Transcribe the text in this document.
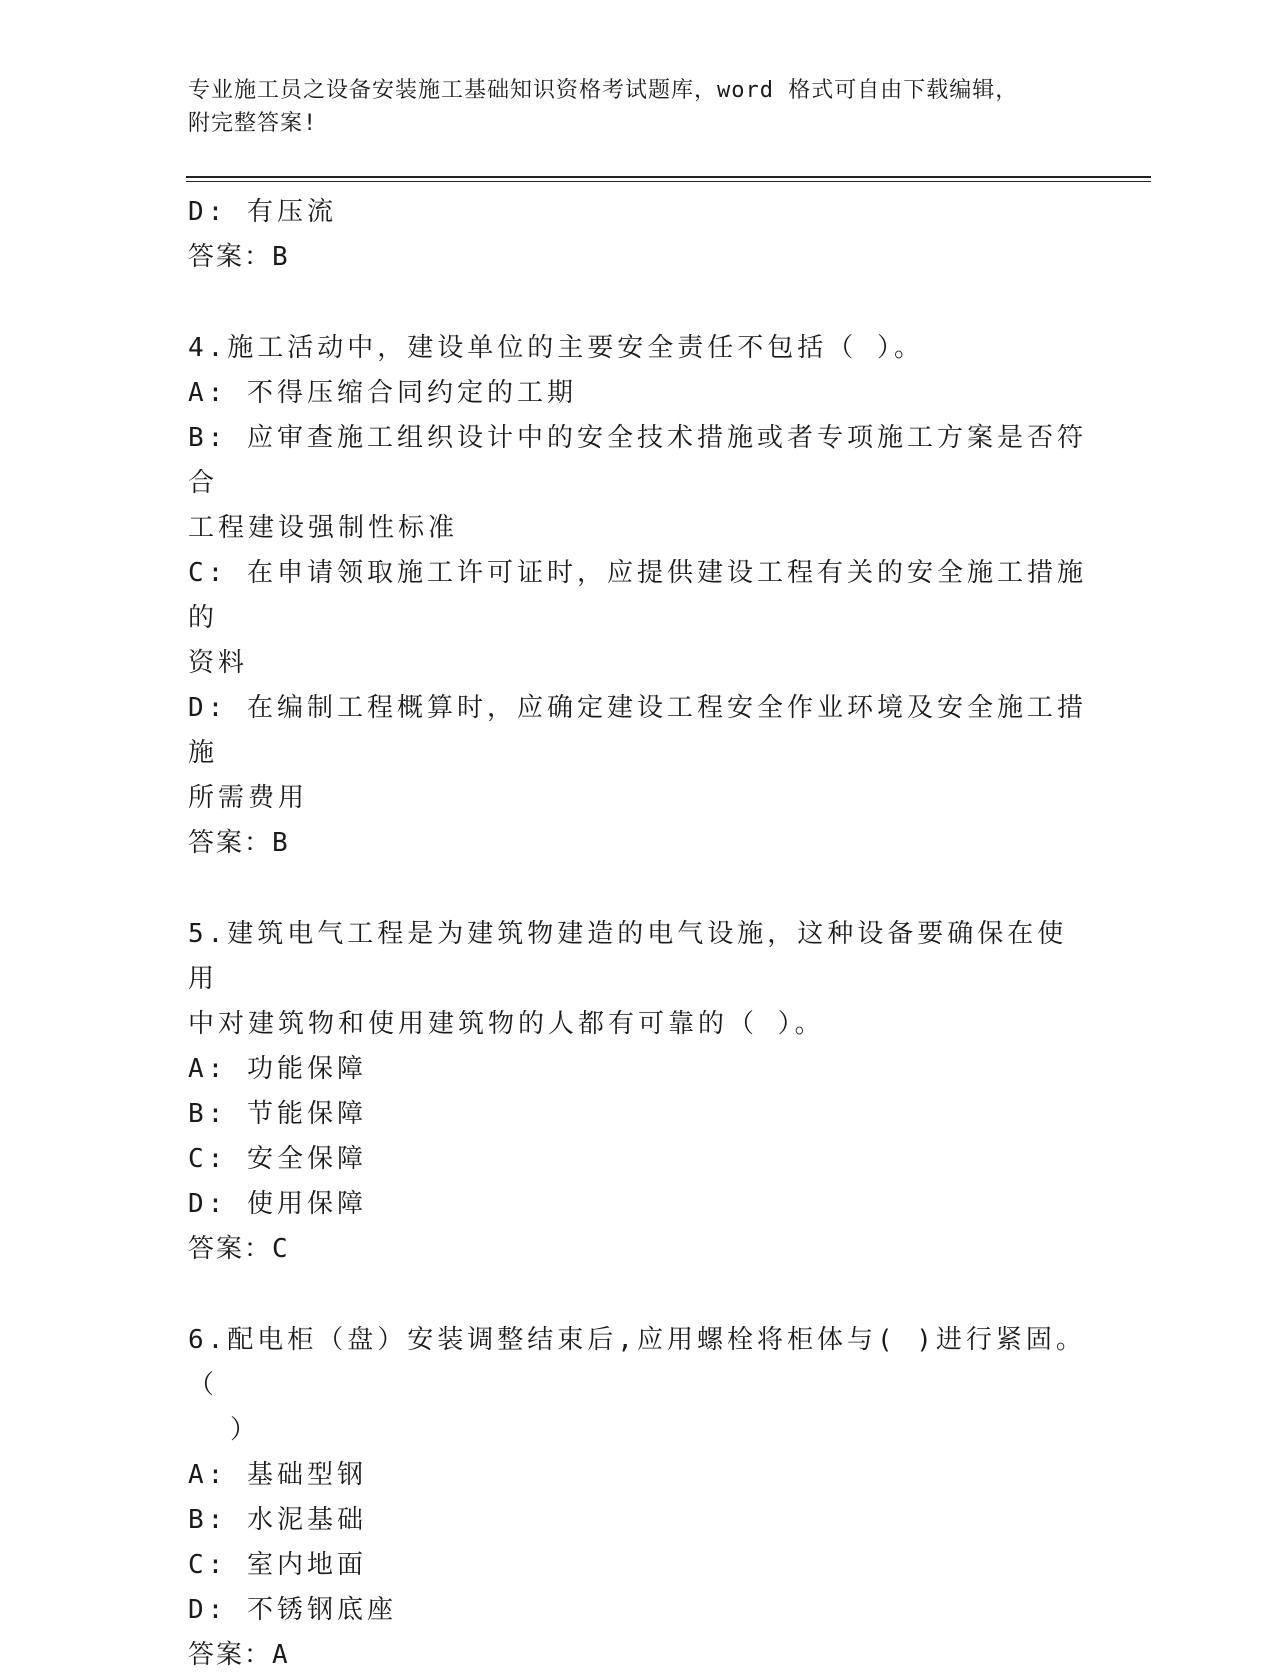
专业施工员之设备安装施工基础知识资格考试题库，word 格式可自由下载编辑，
附完整答案!

D: 有压流

答案：B

4.施工活动中，建设单位的主要安全责任不包括（ ）。

A: 不得压缩合同约定的工期

B: 应审查施工组织设计中的安全技术措施或者专项施工方案是否符合

工程建设强制性标准

C: 在申请领取施工许可证时，应提供建设工程有关的安全施工措施的

资料

D: 在编制工程概算时，应确定建设工程安全作业环境及安全施工措施

所需费用

答案：B

5.建筑电气工程是为建筑物建造的电气设施，这种设备要确保在使用

中对建筑物和使用建筑物的人都有可靠的（ ）。

A: 功能保障

B: 节能保障

C: 安全保障

D: 使用保障

答案：C

6.配电柜（盘）安装调整结束后,应用螺栓将柜体与( )进行紧固。（

）

A: 基础型钢

B: 水泥基础

C: 室内地面

D: 不锈钢底座

答案：A
